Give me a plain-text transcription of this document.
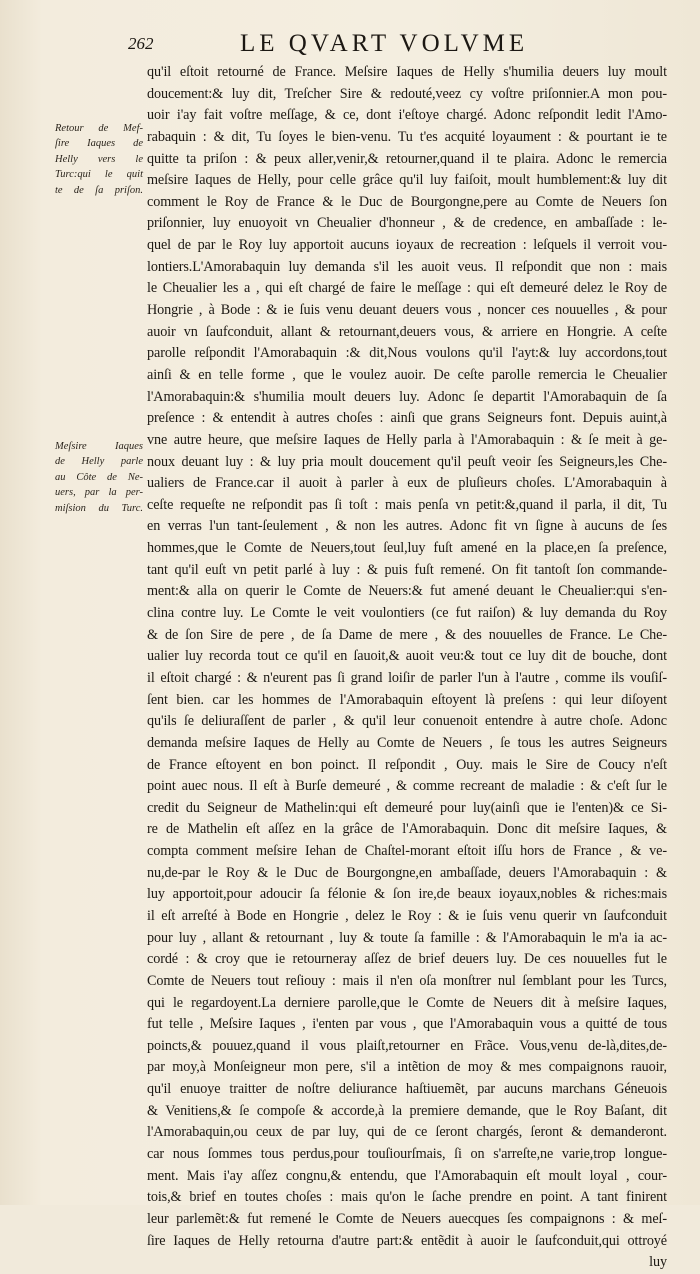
262	LE QVART VOLVME
Retour de Mef-
ſire Iaques de
Helly vers le
Turc:qui le quit
te de ſa priſon.
Meſsire Iaques
de Helly parle
au Côte de Ne-
uers, par la per-
miſsion du Turc.
qu'il eſtoit retourné de France. Meſsire Iaques de Helly s'humilia deuers luy moult
doucement:& luy dit, Treſcher Sire & redouté,veez cy voſtre priſonnier.A mon pou-
uoir i'ay fait voſtre meſſage, & ce, dont i'eſtoye chargé. Adonc reſpondit ledit l'Amo-
rabaquin : & dit, Tu ſoyes le bien-venu. Tu t'es acquité loyaument : & pourtant ie te
quitte ta priſon : & peux aller,venir,& retourner,quand il te plaira. Adonc le remercia
meſsire Iaques de Helly, pour celle grâce qu'il luy faiſoit, moult humblement:& luy dit
comment le Roy de France & le Duc de Bourgongne,pere au Comte de Neuers ſon
priſonnier, luy enuoyoit vn Cheualier d'honneur , & de credence, en ambaſſade : le-
quel de par le Roy luy apportoit aucuns ioyaux de recreation : leſquels il verroit vou-
lontiers.L'Amorabaquin luy demanda s'il les auoit veus. Il reſpondit que non : mais
le Cheualier les a , qui eſt chargé de faire le meſſage : qui eſt demeuré delez le Roy de
Hongrie , à Bode : & ie ſuis venu deuant deuers vous , noncer ces nouuelles , & pour
auoir vn ſaufconduit, allant & retournant,deuers vous, & arriere en Hongrie. A ceſte
parolle reſpondit l'Amorabaquin :& dit,Nous voulons qu'il l'ayt:& luy accordons,tout
ainſi & en telle forme , que le voulez auoir. De ceſte parolle remercia le Cheualier
l'Amorabaquin:& s'humilia moult deuers luy. Adonc ſe departit l'Amorabaquin de ſa
preſence : & entendit à autres choſes : ainſi que grans Seigneurs font. Depuis auint,à
vne autre heure, que meſsire Iaques de Helly parla à l'Amorabaquin : & ſe meit à ge-
noux deuant luy : & luy pria moult doucement qu'il peuſt veoir ſes Seigneurs,les Che-
ualiers de France.car il auoit à parler à eux de pluſieurs choſes. L'Amorabaquin à
ceſte requeſte ne reſpondit pas ſi toſt : mais penſa vn petit:&,quand il parla, il dit, Tu
en verras l'un tant-ſeulement , & non les autres. Adonc fit vn ſigne à aucuns de ſes
hommes,que le Comte de Neuers,tout ſeul,luy fuſt amené en la place,en ſa preſence,
tant qu'il euſt vn petit parlé à luy : & puis fuſt remené. On fit tantoſt ſon commande-
ment:& alla on querir le Comte de Neuers:& fut amené deuant le Cheualier:qui s'en-
clina contre luy. Le Comte le veit voulontiers (ce fut raiſon) & luy demanda du Roy
& de ſon Sire de pere , de ſa Dame de mere , & des nouuelles de France. Le Che-
ualier luy recorda tout ce qu'il en ſauoit,& auoit veu:& tout ce luy dit de bouche, dont
il eſtoit chargé : & n'eurent pas ſi grand loiſir de parler l'un à l'autre , comme ils vouſiſ-
ſent bien. car les hommes de l'Amorabaquin eſtoyent là preſens : qui leur diſoyent
qu'ils ſe deliuraſſent de parler , & qu'il leur conuenoit entendre à autre choſe. Adonc
demanda meſsire Iaques de Helly au Comte de Neuers , ſe tous les autres Seigneurs
de France eſtoyent en bon poinct. Il reſpondit , Ouy. mais le Sire de Coucy n'eſt
point auec nous. Il eſt à Burſe demeuré , & comme recreant de maladie : & c'eſt ſur le
credit du Seigneur de Mathelin:qui eſt demeuré pour luy(ainſi que ie l'enten)& ce Si-
re de Mathelin eſt aſſez en la grâce de l'Amorabaquin. Donc dit meſsire Iaques, &
compta comment meſsire Iehan de Chaſtel-morant eſtoit iſſu hors de France , & ve-
nu,de-par le Roy & le Duc de Bourgongne,en ambaſſade, deuers l'Amorabaquin : &
luy apportoit,pour adoucir ſa félonie & ſon ire,de beaux ioyaux,nobles & riches:mais
il eſt arreſté à Bode en Hongrie , delez le Roy : & ie ſuis venu querir vn ſaufconduit
pour luy , allant & retournant , luy & toute ſa famille : & l'Amorabaquin le m'a ia ac-
cordé : & croy que ie retourneray aſſez de brief deuers luy. De ces nouuelles fut le
Comte de Neuers tout reſiouy : mais il n'en oſa monſtrer nul ſemblant pour les Turcs,
qui le regardoyent.La derniere parolle,que le Comte de Neuers dit à meſsire Iaques,
fut telle , Meſsire Iaques , i'enten par vous , que l'Amorabaquin vous a quitté de tous
poincts,& pouuez,quand il vous plaiſt,retourner en Frãce. Vous,venu de-là,dites,de-
par moy,à Monſeigneur mon pere, s'il a intẽtion de moy & mes compaignons rauoir,
qu'il enuoye traitter de noſtre deliurance haſtiuemẽt, par aucuns marchans Géneuois
& Venitiens,& ſe compoſe & accorde,à la premiere demande, que le Roy Baſant, dit
l'Amorabaquin,ou ceux de par luy, qui de ce ſeront chargés, ſeront & demanderont.
car nous ſommes tous perdus,pour touſiourſmais, ſi on s'arreſte,ne varie,trop longue-
ment. Mais i'ay aſſez congnu,& entendu, que l'Amorabaquin eſt moult loyal , cour-
tois,& brief en toutes choſes : mais qu'on le ſache prendre en point. A tant finirent
leur parlemẽt:& fut remené le Comte de Neuers auecques ſes compaignons : & meſ-
ſire Iaques de Helly retourna d'autre part:& entẽdit à auoir le ſaufconduit,qui ottroyé
luy
